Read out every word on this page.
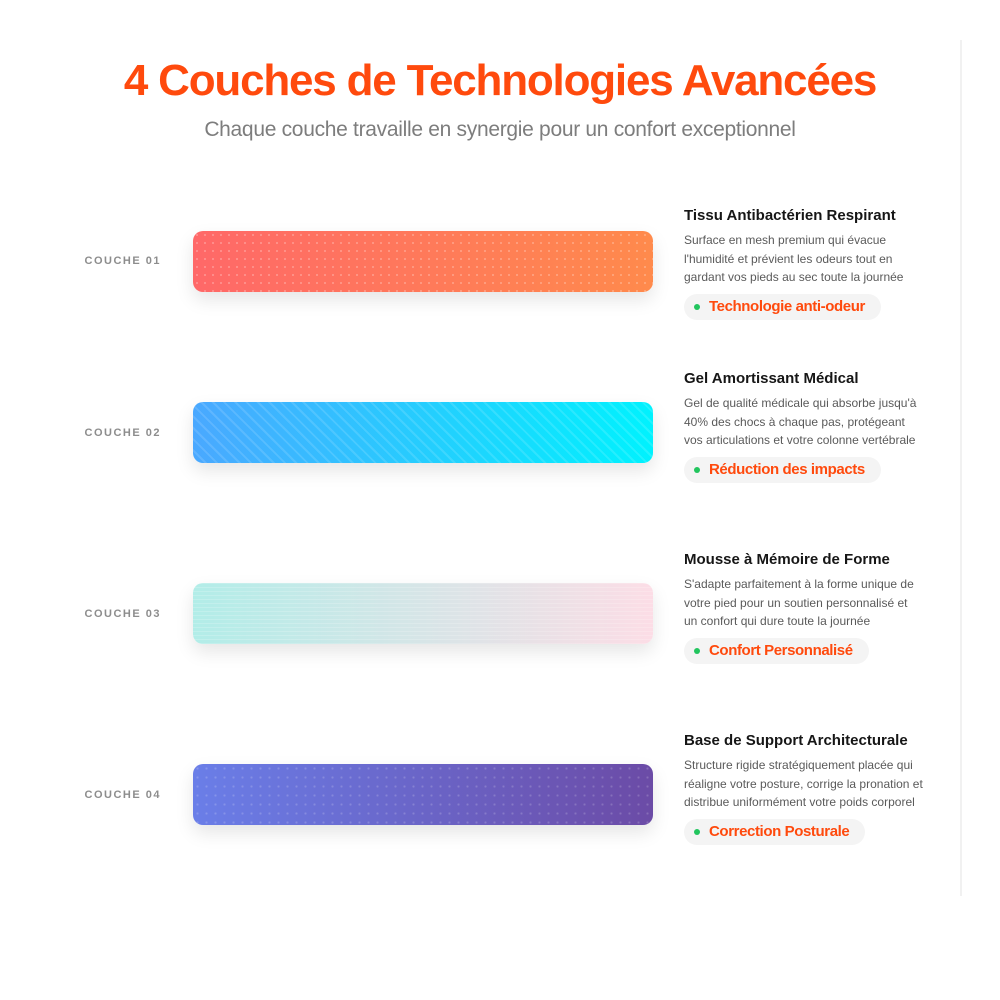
4 Couches de Technologies Avancées

Chaque couche travaille en synergie pour un confort exceptionnel

COUCHE 01

Tissu Antibactérien Respirant

Surface en mesh premium qui évacue l'humidité et prévient les odeurs tout en gardant vos pieds au sec toute la journée

Technologie anti-odeur
COUCHE 02

Gel Amortissant Médical

Gel de qualité médicale qui absorbe jusqu'à 40% des chocs à chaque pas, protégeant vos articulations et votre colonne vertébrale

Réduction des impacts
COUCHE 03

Mousse à Mémoire de Forme

S'adapte parfaitement à la forme unique de votre pied pour un soutien personnalisé et un confort qui dure toute la journée

Confort Personnalisé
COUCHE 04

Base de Support Architecturale

Structure rigide stratégiquement placée qui réaligne votre posture, corrige la pronation et distribue uniformément votre poids corporel

Correction Posturale
